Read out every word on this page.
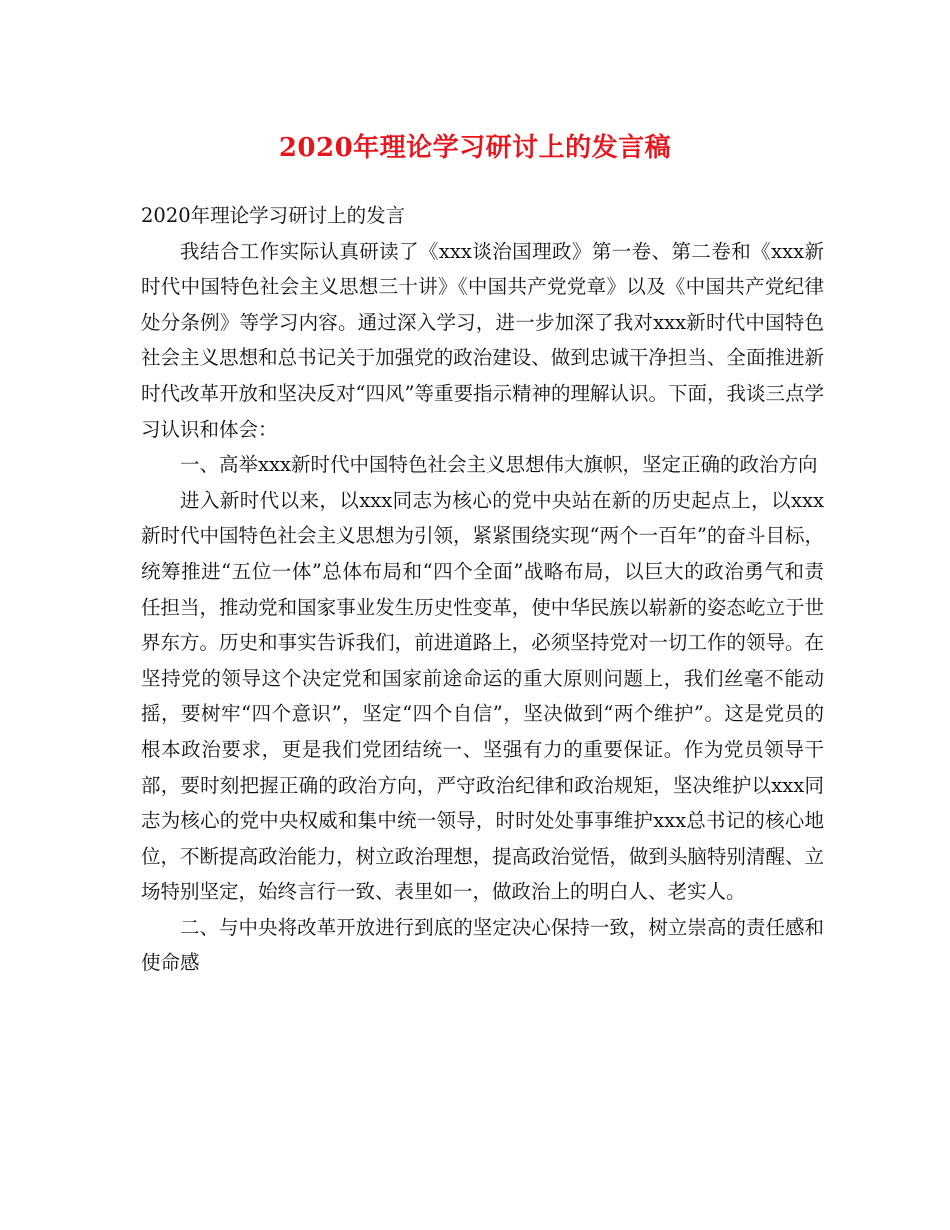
2020年理论学习研讨上的发言稿

2020年理论学习研讨上的发言

我结合工作实际认真研读了《xxx谈治国理政》第一卷、第二卷和《xxx新时代中国特色社会主义思想三十讲》《中国共产党党章》以及《中国共产党纪律处分条例》等学习内容。通过深入学习，进一步加深了我对xxx新时代中国特色社会主义思想和总书记关于加强党的政治建设、做到忠诚干净担当、全面推进新时代改革开放和坚决反对“四风”等重要指示精神的理解认识。下面，我谈三点学习认识和体会：

一、高举xxx新时代中国特色社会主义思想伟大旗帜，坚定正确的政治方向

进入新时代以来，以xxx同志为核心的党中央站在新的历史起点上，以xxx新时代中国特色社会主义思想为引领，紧紧围绕实现“两个一百年”的奋斗目标，统筹推进“五位一体”总体布局和“四个全面”战略布局，以巨大的政治勇气和责任担当，推动党和国家事业发生历史性变革，使中华民族以崭新的姿态屹立于世界东方。历史和事实告诉我们，前进道路上，必须坚持党对一切工作的领导。在坚持党的领导这个决定党和国家前途命运的重大原则问题上，我们丝毫不能动摇，要树牢“四个意识”，坚定“四个自信”，坚决做到“两个维护”。这是党员的根本政治要求，更是我们党团结统一、坚强有力的重要保证。作为党员领导干部，要时刻把握正确的政治方向，严守政治纪律和政治规矩，坚决维护以xxx同志为核心的党中央权威和集中统一领导，时时处处事事维护xxx总书记的核心地位，不断提高政治能力，树立政治理想，提高政治觉悟，做到头脑特别清醒、立场特别坚定，始终言行一致、表里如一，做政治上的明白人、老实人。

二、与中央将改革开放进行到底的坚定决心保持一致，树立崇高的责任感和使命感
